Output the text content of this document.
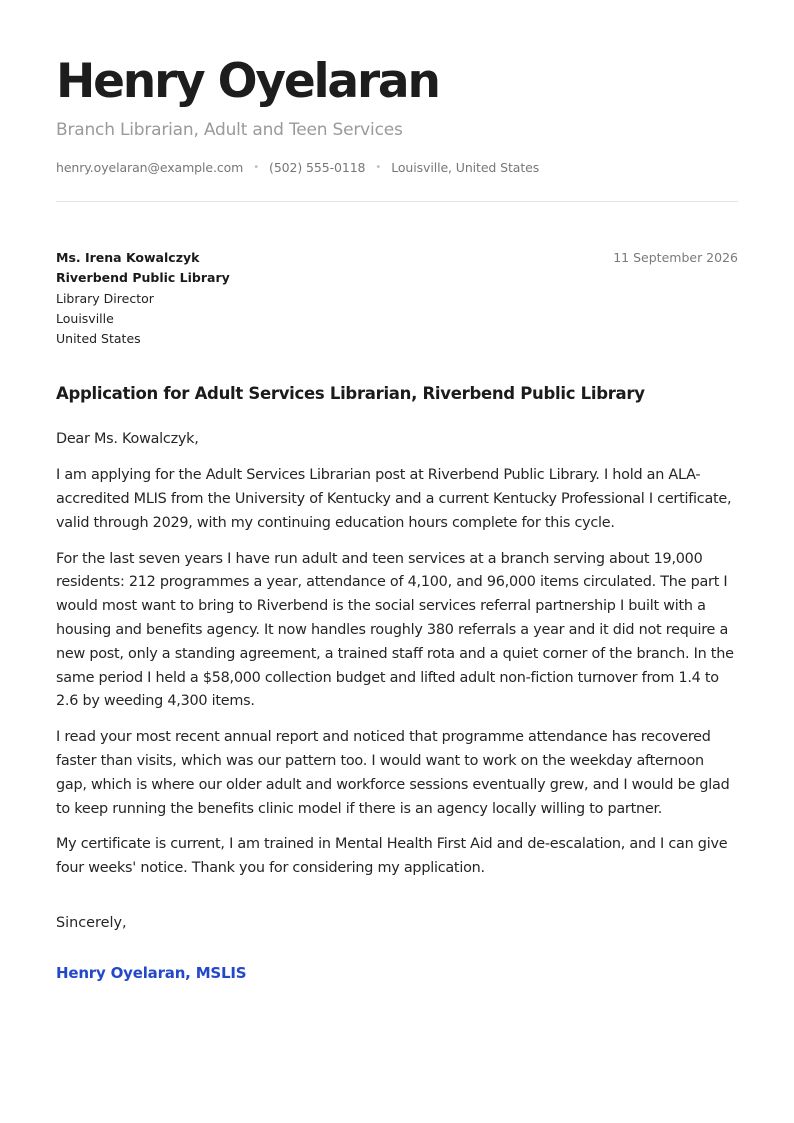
Henry Oyelaran
Branch Librarian, Adult and Teen Services
henry.oyelaran@example.com • (502) 555-0118 • Louisville, United States
Ms. Irena Kowalczyk
Riverbend Public Library
Library Director
Louisville
United States
11 September 2026
Application for Adult Services Librarian, Riverbend Public Library

Dear Ms. Kowalczyk,

I am applying for the Adult Services Librarian post at Riverbend Public Library. I hold an ALA-accredited MLIS from the University of Kentucky and a current Kentucky Professional I certificate, valid through 2029, with my continuing education hours complete for this cycle.

For the last seven years I have run adult and teen services at a branch serving about 19,000 residents: 212 programmes a year, attendance of 4,100, and 96,000 items circulated. The part I would most want to bring to Riverbend is the social services referral partnership I built with a housing and benefits agency. It now handles roughly 380 referrals a year and it did not require a new post, only a standing agreement, a trained staff rota and a quiet corner of the branch. In the same period I held a $58,000 collection budget and lifted adult non-fiction turnover from 1.4 to 2.6 by weeding 4,300 items.

I read your most recent annual report and noticed that programme attendance has recovered faster than visits, which was our pattern too. I would want to work on the weekday afternoon gap, which is where our older adult and workforce sessions eventually grew, and I would be glad to keep running the benefits clinic model if there is an agency locally willing to partner.

My certificate is current, I am trained in Mental Health First Aid and de-escalation, and I can give four weeks' notice. Thank you for considering my application.

Sincerely,
Henry Oyelaran, MSLIS
